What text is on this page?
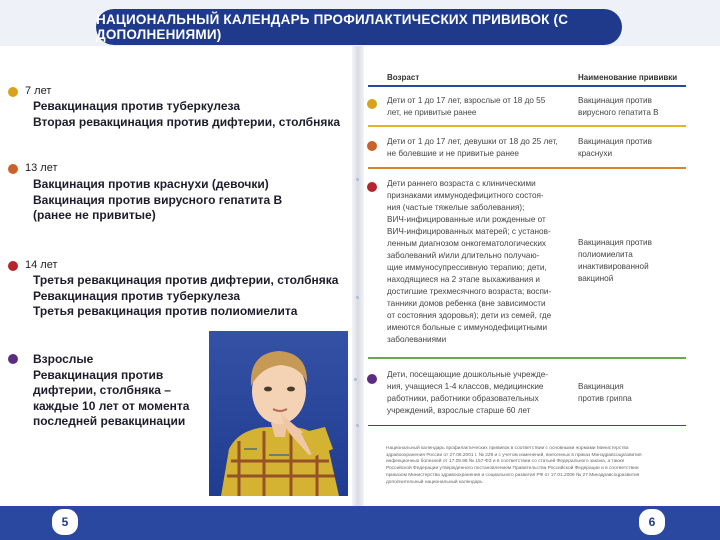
НАЦИОНАЛЬНЫЙ КАЛЕНДАРЬ ПРОФИЛАКТИЧЕСКИХ ПРИВИВОК (С ДОПОЛНЕНИЯМИ)
7 лет
Ревакцинация против туберкулеза
Вторая ревакцинация против дифтерии, столбняка
13 лет
Вакцинация против краснухи (девочки)
Вакцинация против вирусного гепатита В
(ранее не привитые)
14 лет
Третья ревакцинация против дифтерии, столбняка
Ревакцинация против туберкулеза
Третья ревакцинация против полиомиелита
Взрослые
Ревакцинация против
дифтерии, столбняка –
каждые 10 лет от момента
последней ревакцинации
Возраст	Наименование прививки
Дети от 1 до 17 лет, взрослые от 18 до 55
лет, не привитые ранее
Вакцинация против
вирусного гепатита В
Дети от 1 до 17 лет, девушки от 18 до 25 лет,
не болевшие и не привитые ранее
Вакцинация против
краснухи
Дети раннего возраста с клиническими
признаками иммунодефицитного состоя-
ния (частые тяжелые заболевания);
ВИЧ-инфицированные или рожденные от
ВИЧ-инфицированных матерей; с установ-
ленным диагнозом онкогематологических
заболеваний и/или длительно получаю-
щие иммуносупрессивную терапию; дети,
находящиеся на 2 этапе выхаживания и
достигшие трехмесячного возраста; воспи-
танники домов ребенка (вне зависимости
от состояния здоровья); дети из семей, где
имеются больные с иммунодефицитными
заболеваниями
Вакцинация против
полиомиелита
инактивированной
вакциной
Дети, посещающие дошкольные учрежде-
ния, учащиеся 1-4 классов, медицинские
работники, работники образовательных
учреждений, взрослые старше 60 лет
Вакцинация
против гриппа
Национальный календарь профилактических прививок в соответствии с основными нормами Министерства
здравоохранения России от 27.06.2001 г. № 229 и с учетом изменений, внесенных в приказ Минздравсоцразвития
инфекционных болезней от 17.09.98 № 157-ФЗ и в соответствии со статьей Федерального закона, а также
Российской Федерации утвержденного постановлением Правительства Российской Федерации и в соответствии
приказом Министерства здравоохранения и социального развития РФ от 17.01.2006 № 27 Минздравсоцразвития
дополнительный национальный календарь
5	6
